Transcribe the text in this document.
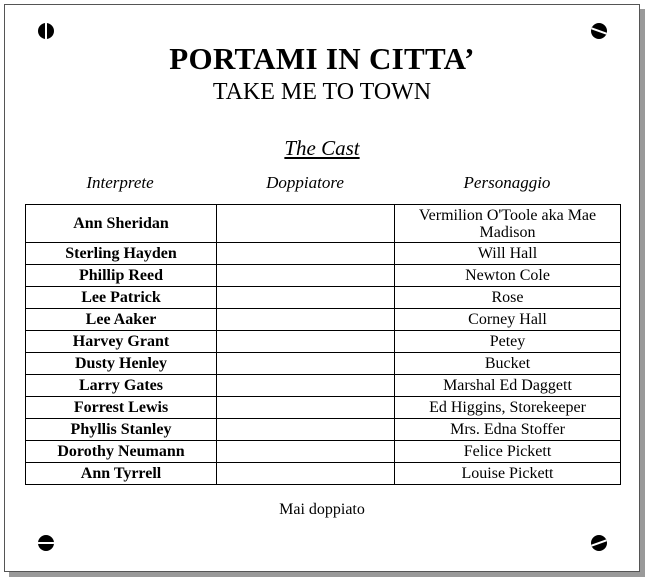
PORTAMI IN CITTA’
TAKE ME TO TOWN
The Cast
Interprete	Doppiatore	Personaggio
Ann Sheridan		Vermilion O'Toole aka Mae Madison
Sterling Hayden		Will Hall
Phillip Reed		Newton Cole
Lee Patrick		Rose
Lee Aaker		Corney Hall
Harvey Grant		Petey
Dusty Henley		Bucket
Larry Gates		Marshal Ed Daggett
Forrest Lewis		Ed Higgins, Storekeeper
Phyllis Stanley		Mrs. Edna Stoffer
Dorothy Neumann		Felice Pickett
Ann Tyrrell		Louise Pickett
Mai doppiato
